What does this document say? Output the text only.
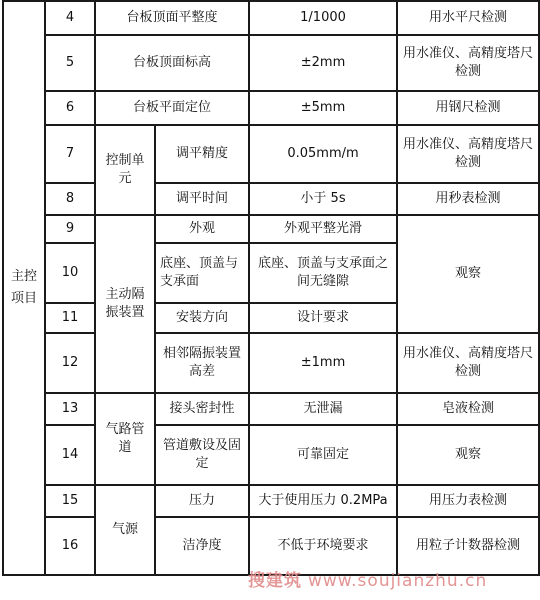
主控项目	4	台板顶面平整度		1/1000	用水平尺检测
	5	台板顶面标高		±2mm	用水准仪、高精度塔尺检测
	6	台板平面定位		±5mm	用钢尺检测
	7	控制单元	调平精度	0.05mm/m	用水准仪、高精度塔尺检测
	8		调平时间	小于 5s	用秒表检测
	9	主动隔振装置	外观	外观平整光滑	观察
	10		底座、顶盖与支承面	底座、顶盖与支承面之间无缝隙	
	11		安装方向	设计要求	
	12		相邻隔振装置高差	±1mm	用水准仪、高精度塔尺检测
	13	气路管道	接头密封性	无泄漏	皂液检测
	14		管道敷设及固定	可靠固定	观察
	15	气源	压力	大于使用压力 0.2MPa	用压力表检测
	16		洁净度	不低于环境要求	用粒子计数器检测
搜建筑 www.soujianzhu.cn
